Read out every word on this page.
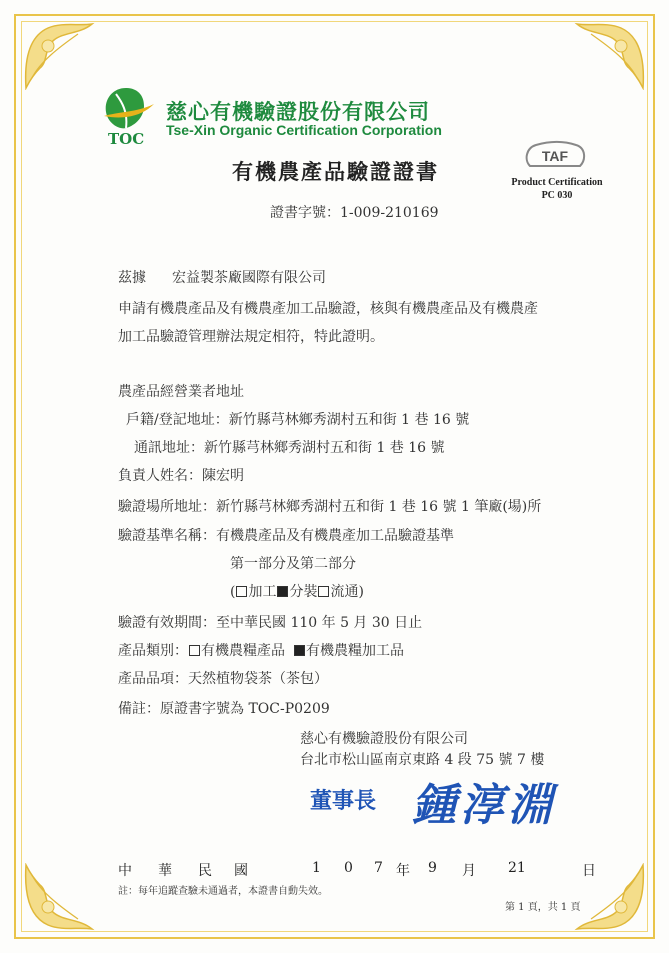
TOC
慈心有機驗證股份有限公司
Tse-Xin Organic Certification Corporation
TAF
Product Certification
PC 030
有機農產品驗證證書
證書字號：1-009-210169
茲據 宏益製茶廠國際有限公司
申請有機農產品及有機農產加工品驗證，核與有機農產品及有機農產
加工品驗證管理辦法規定相符，特此證明。
農產品經營業者地址
戶籍/登記地址：新竹縣芎林鄉秀湖村五和街 1 巷 16 號
通訊地址：新竹縣芎林鄉秀湖村五和街 1 巷 16 號
負責人姓名：陳宏明
驗證場所地址：新竹縣芎林鄉秀湖村五和街 1 巷 16 號 1 筆廠(場)所
驗證基準名稱：有機農產品及有機農產加工品驗證基準
第一部分及第二部分
( 加工 分裝 流通)
驗證有效期間：至中華民國 110 年 5 月 30 日止
產品類別： 有機農糧產品 有機農糧加工品
產品品項：天然植物袋茶（茶包）
備註：原證書字號為 TOC-P0209
慈心有機驗證股份有限公司
台北市松山區南京東路 4 段 75 號 7 樓
董事長 鍾淳淵
中 華 民 國	1 0 7 年 9 月 21	日
註：每年追蹤查驗未通過者，本證書自動失效。
第 1 頁，共 1 頁
